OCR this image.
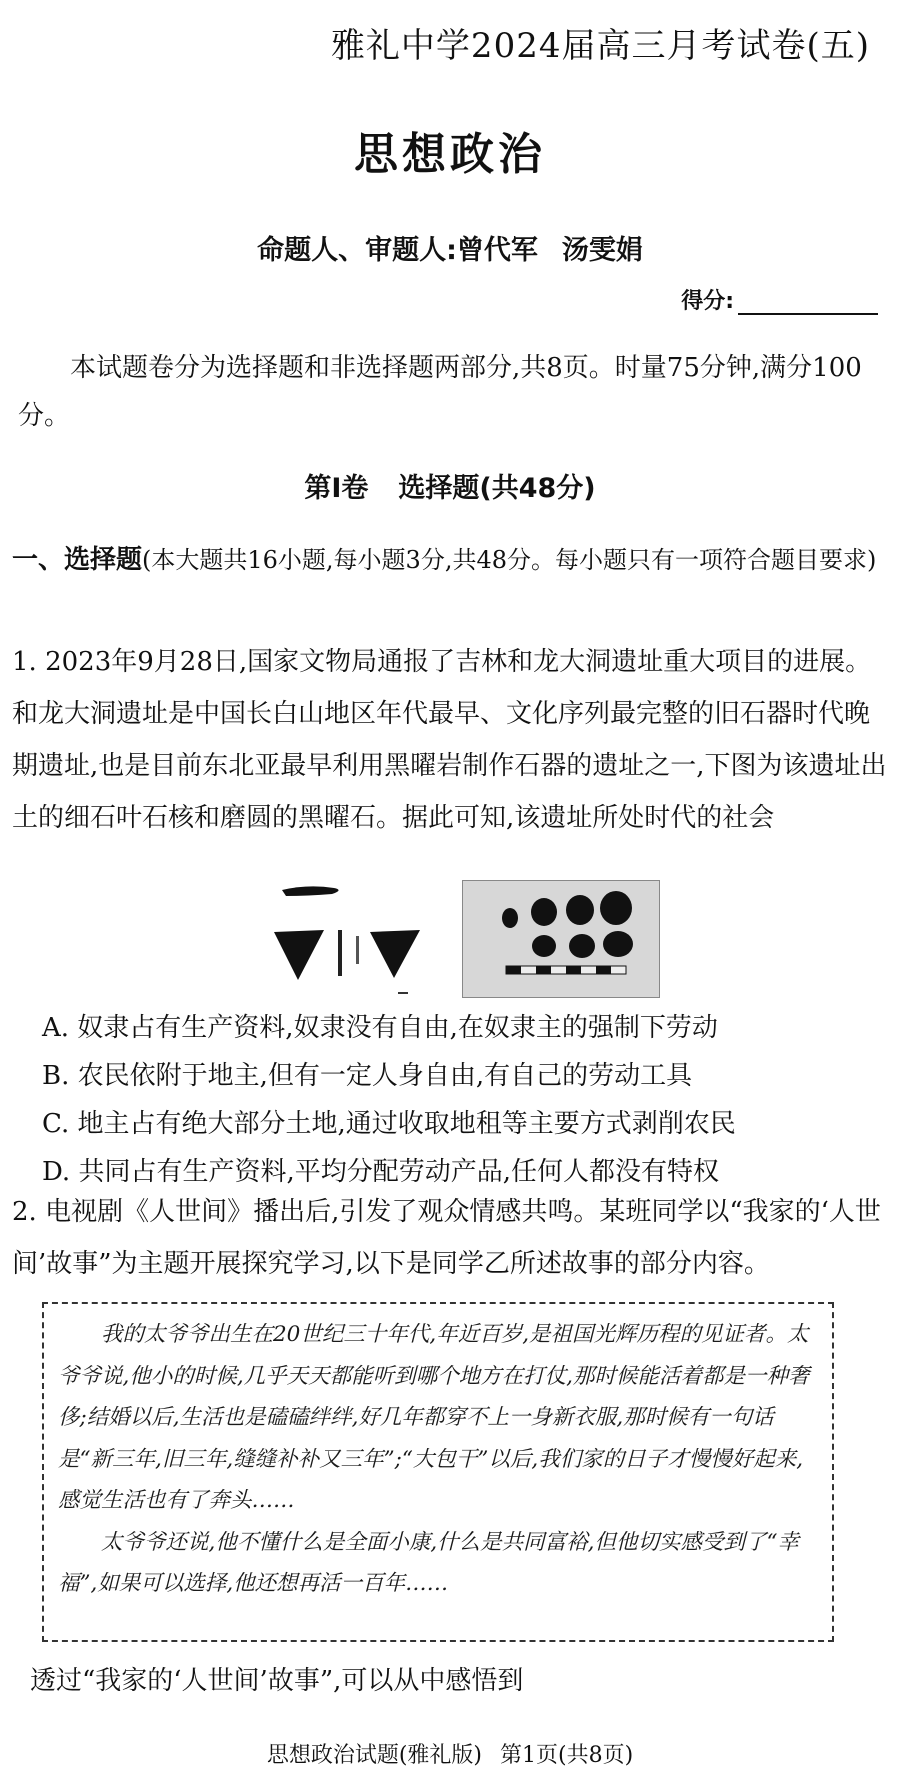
雅礼中学2024届高三月考试卷(五)
思想政治
命题人、审题人:曾代军 汤雯娟
得分:
本试题卷分为选择题和非选择题两部分,共8页。时量75分钟,满分100分。
第Ⅰ卷 选择题(共48分)
一、选择题(本大题共16小题,每小题3分,共48分。每小题只有一项符合题目要求)
1. 2023年9月28日,国家文物局通报了吉林和龙大洞遗址重大项目的进展。和龙大洞遗址是中国长白山地区年代最早、文化序列最完整的旧石器时代晚期遗址,也是目前东北亚最早利用黑曜岩制作石器的遗址之一,下图为该遗址出土的细石叶石核和磨圆的黑曜石。据此可知,该遗址所处时代的社会
A. 奴隶占有生产资料,奴隶没有自由,在奴隶主的强制下劳动
B. 农民依附于地主,但有一定人身自由,有自己的劳动工具
C. 地主占有绝大部分土地,通过收取地租等主要方式剥削农民
D. 共同占有生产资料,平均分配劳动产品,任何人都没有特权
2. 电视剧《人世间》播出后,引发了观众情感共鸣。某班同学以“我家的‘人世间’故事”为主题开展探究学习,以下是同学乙所述故事的部分内容。

我的太爷爷出生在20世纪三十年代,年近百岁,是祖国光辉历程的见证者。太爷爷说,他小的时候,几乎天天都能听到哪个地方在打仗,那时候能活着都是一种奢侈;结婚以后,生活也是磕磕绊绊,好几年都穿不上一身新衣服,那时候有一句话是“新三年,旧三年,缝缝补补又三年”;“大包干”以后,我们家的日子才慢慢好起来,感觉生活也有了奔头……

太爷爷还说,他不懂什么是全面小康,什么是共同富裕,但他切实感受到了“幸福”,如果可以选择,他还想再活一百年……

透过“我家的‘人世间’故事”,可以从中感悟到
思想政治试题(雅礼版) 第1页(共8页)
